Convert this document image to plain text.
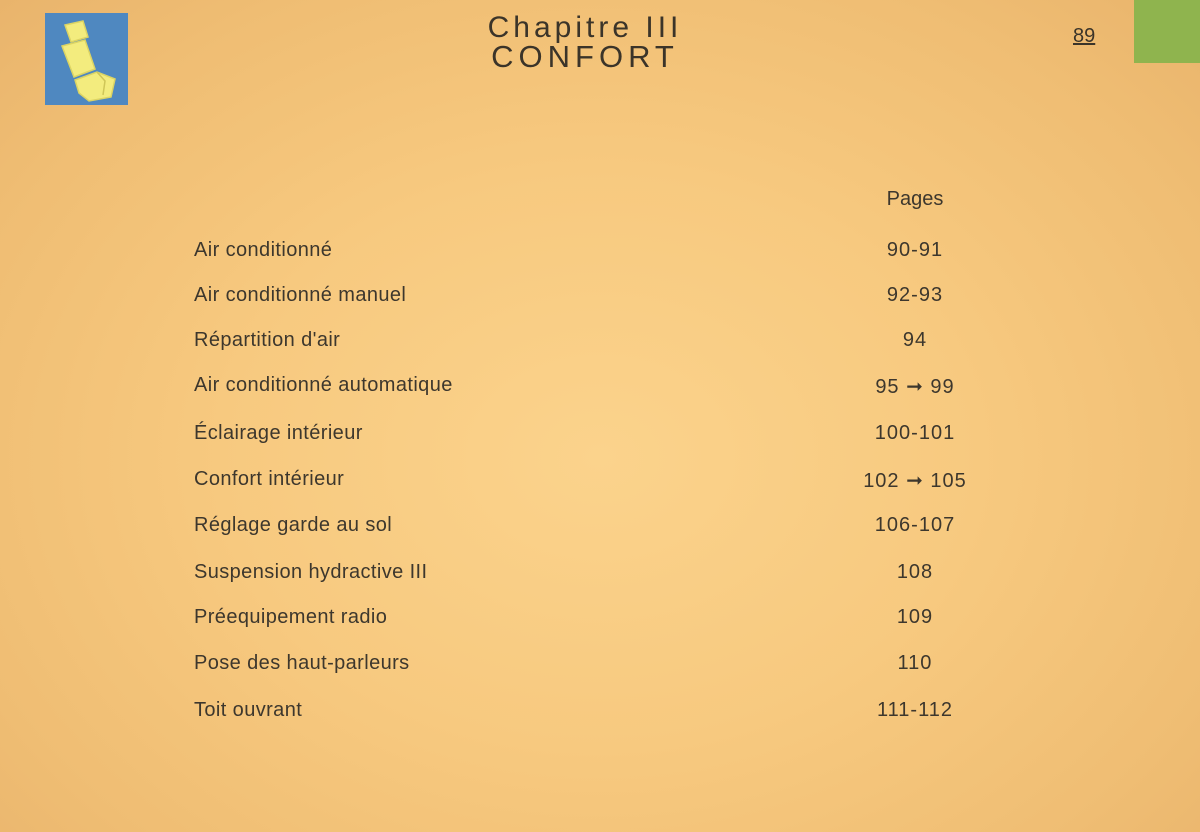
Chapitre III
CONFORT
89
Pages
Air conditionné	90-91
Air conditionné manuel	92-93
Répartition d'air	94
Air conditionné automatique	95 ➞ 99
Éclairage intérieur	100-101
Confort intérieur	102 ➞ 105
Réglage garde au sol	106-107
Suspension hydractive III	108
Préequipement radio	109
Pose des haut-parleurs	110
Toit ouvrant	111-112
